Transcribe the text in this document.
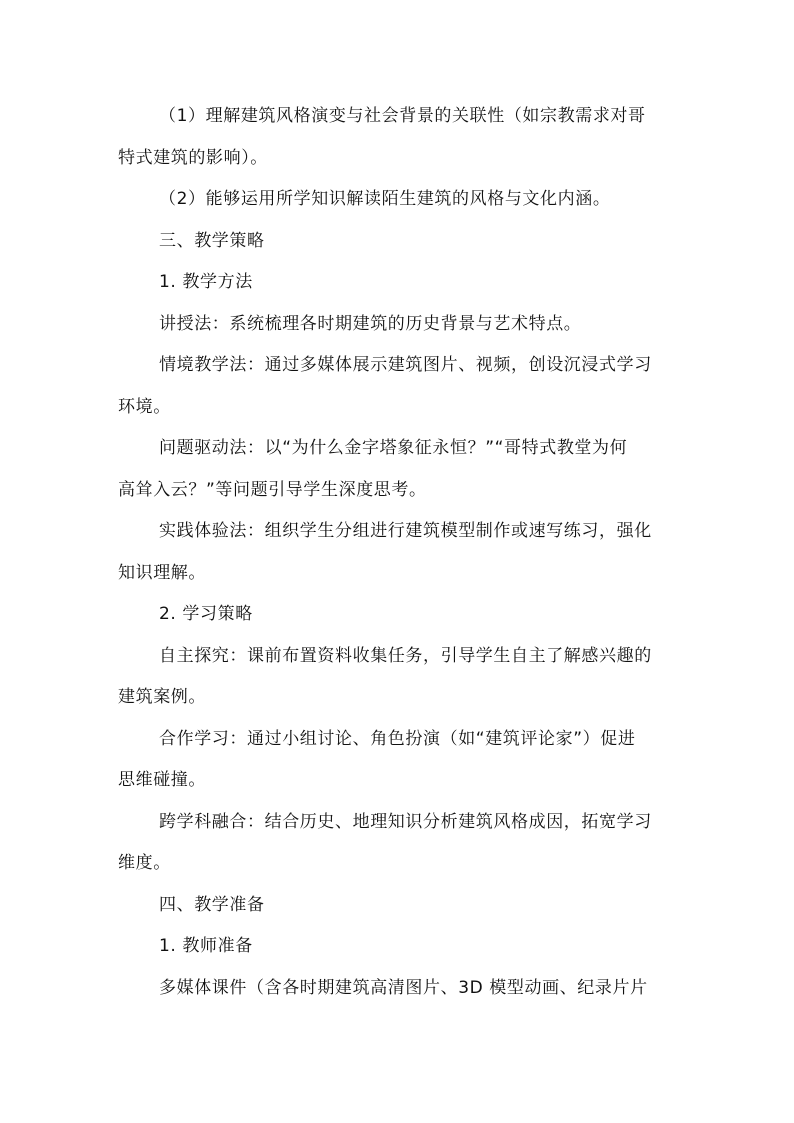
（1）理解建筑风格演变与社会背景的关联性（如宗教需求对哥
特式建筑的影响）。

（2）能够运用所学知识解读陌生建筑的风格与文化内涵。

三、教学策略

1. 教学方法

讲授法：系统梳理各时期建筑的历史背景与艺术特点。

情境教学法：通过多媒体展示建筑图片、视频，创设沉浸式学习
环境。

问题驱动法：以“为什么金字塔象征永恒？”“哥特式教堂为何
高耸入云？”等问题引导学生深度思考。

实践体验法：组织学生分组进行建筑模型制作或速写练习，强化
知识理解。

2. 学习策略

自主探究：课前布置资料收集任务，引导学生自主了解感兴趣的
建筑案例。

合作学习：通过小组讨论、角色扮演（如“建筑评论家”）促进
思维碰撞。

跨学科融合：结合历史、地理知识分析建筑风格成因，拓宽学习
维度。

四、教学准备

1. 教师准备

多媒体课件（含各时期建筑高清图片、3D 模型动画、纪录片片
